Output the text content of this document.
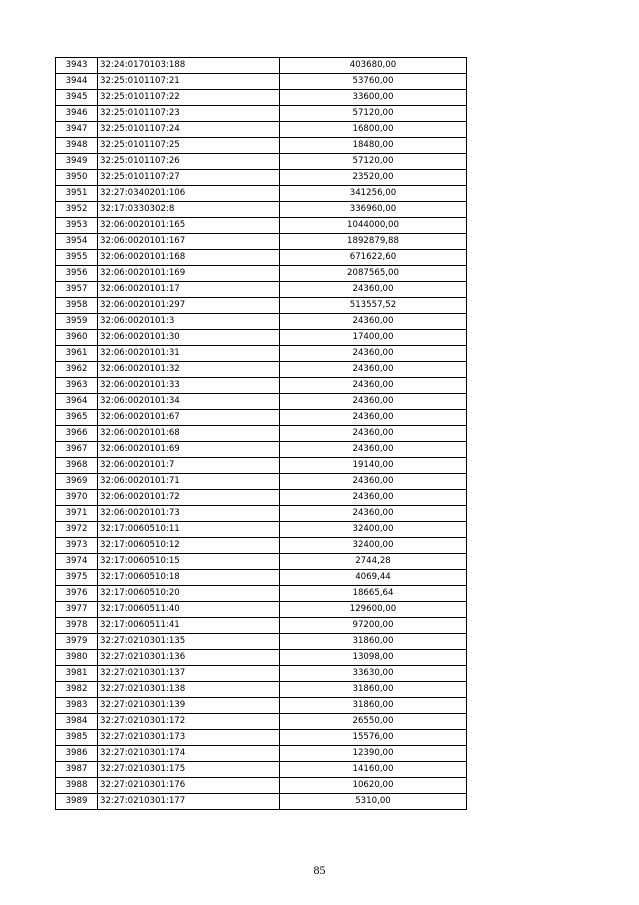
3943	32:24:0170103:188	403680,00
3944	32:25:0101107:21	53760,00
3945	32:25:0101107:22	33600,00
3946	32:25:0101107:23	57120,00
3947	32:25:0101107:24	16800,00
3948	32:25:0101107:25	18480,00
3949	32:25:0101107:26	57120,00
3950	32:25:0101107:27	23520,00
3951	32:27:0340201:106	341256,00
3952	32:17:0330302:8	336960,00
3953	32:06:0020101:165	1044000,00
3954	32:06:0020101:167	1892879,88
3955	32:06:0020101:168	671622,60
3956	32:06:0020101:169	2087565,00
3957	32:06:0020101:17	24360,00
3958	32:06:0020101:297	513557,52
3959	32:06:0020101:3	24360,00
3960	32:06:0020101:30	17400,00
3961	32:06:0020101:31	24360,00
3962	32:06:0020101:32	24360,00
3963	32:06:0020101:33	24360,00
3964	32:06:0020101:34	24360,00
3965	32:06:0020101:67	24360,00
3966	32:06:0020101:68	24360,00
3967	32:06:0020101:69	24360,00
3968	32:06:0020101:7	19140,00
3969	32:06:0020101:71	24360,00
3970	32:06:0020101:72	24360,00
3971	32:06:0020101:73	24360,00
3972	32:17:0060510:11	32400,00
3973	32:17:0060510:12	32400,00
3974	32:17:0060510:15	2744,28
3975	32:17:0060510:18	4069,44
3976	32:17:0060510:20	18665,64
3977	32:17:0060511:40	129600,00
3978	32:17:0060511:41	97200,00
3979	32:27:0210301:135	31860,00
3980	32:27:0210301:136	13098,00
3981	32:27:0210301:137	33630,00
3982	32:27:0210301:138	31860,00
3983	32:27:0210301:139	31860,00
3984	32:27:0210301:172	26550,00
3985	32:27:0210301:173	15576,00
3986	32:27:0210301:174	12390,00
3987	32:27:0210301:175	14160,00
3988	32:27:0210301:176	10620,00
3989	32:27:0210301:177	5310,00
85
